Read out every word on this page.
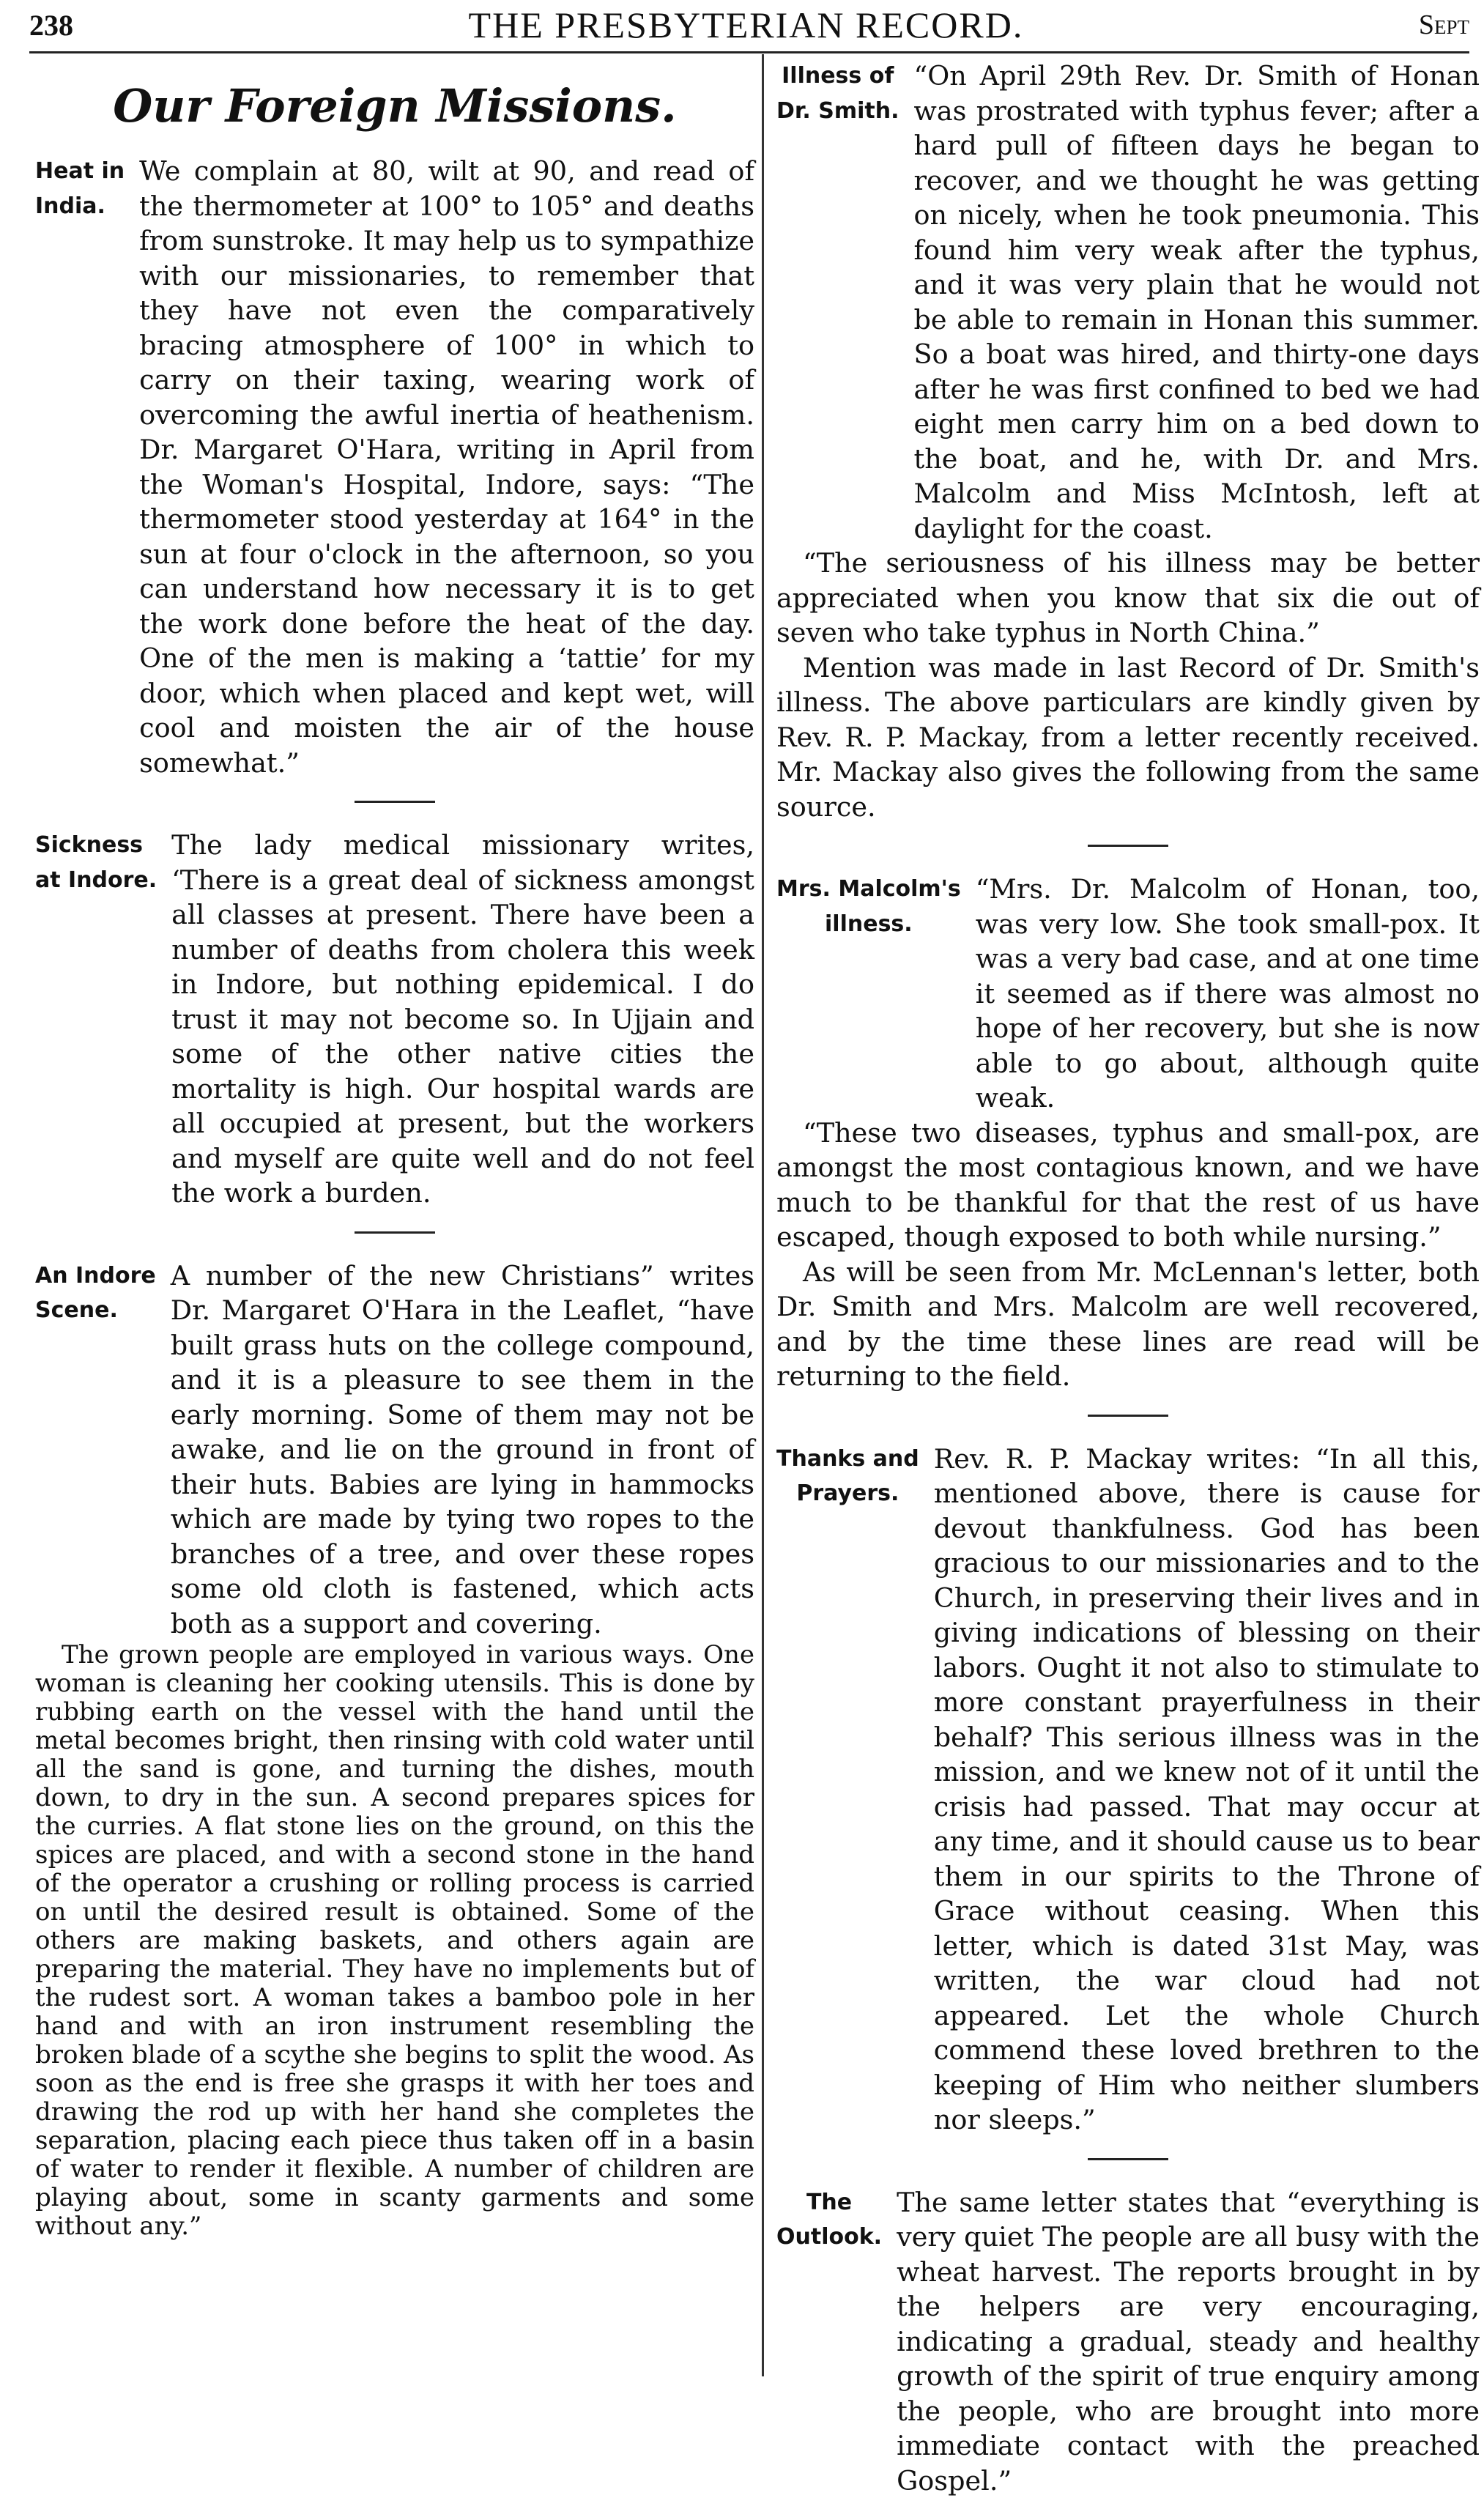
238	THE PRESBYTERIAN RECORD.	Sept
Our Foreign Missions.
Heat in
India.

We complain at 80, wilt at 90, and read of the thermometer at 100° to 105° and deaths from sunstroke. It may help us to sympathize with our missionaries, to remember that they have not even the comparatively bracing atmosphere of 100° in which to carry on their taxing, wearing work of overcoming the awful inertia of heathenism. Dr. Margaret O'Hara, writing in April from the Woman's Hospital, Indore, says: “The thermometer stood yesterday at 164° in the sun at four o'clock in the afternoon, so you can understand how necessary it is to get the work done before the heat of the day. One of the men is making a ‘tattie’ for my door, which when placed and kept wet, will cool and moisten the air of the house somewhat.”

Sickness
at Indore.

The lady medical missionary writes, ‘There is a great deal of sickness amongst all classes at present. There have been a number of deaths from cholera this week in Indore, but nothing epidemical. I do trust it may not become so. In Ujjain and some of the other native cities the mortality is high. Our hospital wards are all occupied at present, but the workers and myself are quite well and do not feel the work a burden.

An Indore
Scene.

A number of the new Christians” writes Dr. Margaret O'Hara in the Leaflet, “have built grass huts on the college compound, and it is a pleasure to see them in the early morning. Some of them may not be awake, and lie on the ground in front of their huts. Babies are lying in hammocks which are made by tying two ropes to the branches of a tree, and over these ropes some old cloth is fastened, which acts both as a support and covering.

The grown people are employed in various ways. One woman is cleaning her cooking utensils. This is done by rubbing earth on the vessel with the hand until the metal becomes bright, then rinsing with cold water until all the sand is gone, and turning the dishes, mouth down, to dry in the sun. A second prepares spices for the curries. A flat stone lies on the ground, on this the spices are placed, and with a second stone in the hand of the operator a crushing or rolling process is carried on until the desired result is obtained. Some of the others are making baskets, and others again are preparing the material. They have no implements but of the rudest sort. A woman takes a bamboo pole in her hand and with an iron instrument resembling the broken blade of a scythe she begins to split the wood. As soon as the end is free she grasps it with her toes and drawing the rod up with her hand she completes the separation, placing each piece thus taken off in a basin of water to render it flexible. A number of children are playing about, some in scanty garments and some without any.”

Illness of
Dr. Smith.

“On April 29th Rev. Dr. Smith of Honan was prostrated with typhus fever; after a hard pull of fifteen days he began to recover, and we thought he was getting on nicely, when he took pneumonia. This found him very weak after the typhus, and it was very plain that he would not be able to remain in Honan this summer. So a boat was hired, and thirty-one days after he was first confined to bed we had eight men carry him on a bed down to the boat, and he, with Dr. and Mrs. Malcolm and Miss McIntosh, left at daylight for the coast.

“The seriousness of his illness may be better appreciated when you know that six die out of seven who take typhus in North China.”

Mention was made in last Record of Dr. Smith's illness. The above particulars are kindly given by Rev. R. P. Mackay, from a letter recently received. Mr. Mackay also gives the following from the same source.

Mrs. Malcolm's
illness.

“Mrs. Dr. Malcolm of Honan, too, was very low. She took small-pox. It was a very bad case, and at one time it seemed as if there was almost no hope of her recovery, but she is now able to go about, although quite weak.

“These two diseases, typhus and small-pox, are amongst the most contagious known, and we have much to be thankful for that the rest of us have escaped, though exposed to both while nursing.”

As will be seen from Mr. McLennan's letter, both Dr. Smith and Mrs. Malcolm are well recovered, and by the time these lines are read will be returning to the field.

Thanks and
Prayers.

Rev. R. P. Mackay writes: “In all this, mentioned above, there is cause for devout thankfulness. God has been gracious to our missionaries and to the Church, in preserving their lives and in giving indications of blessing on their labors. Ought it not also to stimulate to more constant prayerfulness in their behalf? This serious illness was in the mission, and we knew not of it until the crisis had passed. That may occur at any time, and it should cause us to bear them in our spirits to the Throne of Grace without ceasing. When this letter, which is dated 31st May, was written, the war cloud had not appeared. Let the whole Church commend these loved brethren to the keeping of Him who neither slumbers nor sleeps.”

The
Outlook.

The same letter states that “everything is very quiet The people are all busy with the wheat harvest. The reports brought in by the helpers are very encouraging, indicating a gradual, steady and healthy growth of the spirit of true enquiry among the people, who are brought into more immediate contact with the preached Gospel.”
